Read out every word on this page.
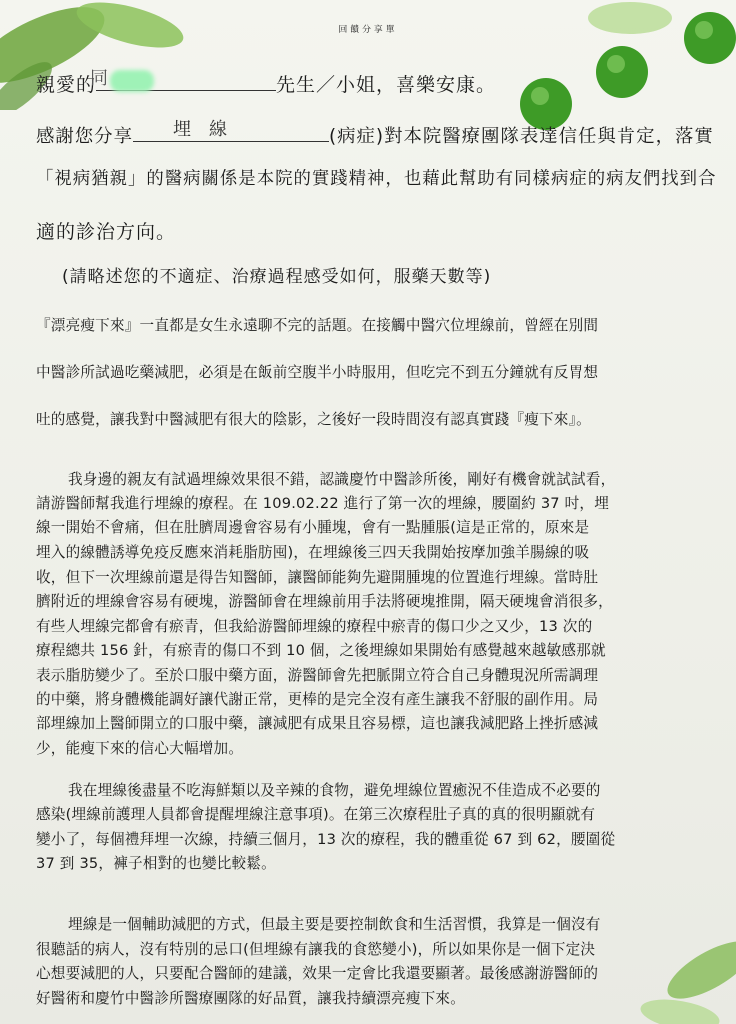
回饋分享單
親愛的
同	先生／小姐，喜樂安康。
感謝您分享 埋線	(病症)對本院醫療團隊表達信任與肯定，落實
「視病猶親」的醫病關係是本院的實踐精神，也藉此幫助有同樣病症的病友們找到合
適的診治方向。
(請略述您的不適症、治療過程感受如何，服藥天數等)
『漂亮瘦下來』一直都是女生永遠聊不完的話題。在接觸中醫穴位埋線前，曾經在別間
中醫診所試過吃藥減肥，必須是在飯前空腹半小時服用，但吃完不到五分鐘就有反胃想
吐的感覺，讓我對中醫減肥有很大的陰影，之後好一段時間沒有認真實踐『瘦下來』。
我身邊的親友有試過埋線效果很不錯，認識慶竹中醫診所後，剛好有機會就試試看，
請游醫師幫我進行埋線的療程。在 109.02.22 進行了第一次的埋線，腰圍約 37 吋，埋
線一開始不會痛，但在肚臍周邊會容易有小腫塊，會有一點腫脹(這是正常的，原來是
埋入的線體誘導免疫反應來消耗脂肪囤)，在埋線後三四天我開始按摩加強羊腸線的吸
收，但下一次埋線前還是得告知醫師，讓醫師能夠先避開腫塊的位置進行埋線。當時肚
臍附近的埋線會容易有硬塊，游醫師會在埋線前用手法將硬塊推開，隔天硬塊會消很多，
有些人埋線完都會有瘀青，但我給游醫師埋線的療程中瘀青的傷口少之又少，13 次的
療程總共 156 針，有瘀青的傷口不到 10 個，之後埋線如果開始有感覺越來越敏感那就
表示脂肪變少了。至於口服中藥方面，游醫師會先把脈開立符合自己身體現況所需調理
的中藥，將身體機能調好讓代謝正常，更棒的是完全沒有產生讓我不舒服的副作用。局
部埋線加上醫師開立的口服中藥，讓減肥有成果且容易標，這也讓我減肥路上挫折感減
少，能瘦下來的信心大幅增加。
我在埋線後盡量不吃海鮮類以及辛辣的食物，避免埋線位置癒況不佳造成不必要的
感染(埋線前護理人員都會提醒埋線注意事項)。在第三次療程肚子真的真的很明顯就有
變小了，每個禮拜埋一次線，持續三個月，13 次的療程，我的體重從 67 到 62，腰圍從
37 到 35，褲子相對的也變比較鬆。
埋線是一個輔助減肥的方式，但最主要是要控制飲食和生活習慣，我算是一個沒有
很聽話的病人，沒有特別的忌口(但埋線有讓我的食慾變小)，所以如果你是一個下定決
心想要減肥的人，只要配合醫師的建議，效果一定會比我還要顯著。最後感謝游醫師的
好醫術和慶竹中醫診所醫療團隊的好品質，讓我持續漂亮瘦下來。
